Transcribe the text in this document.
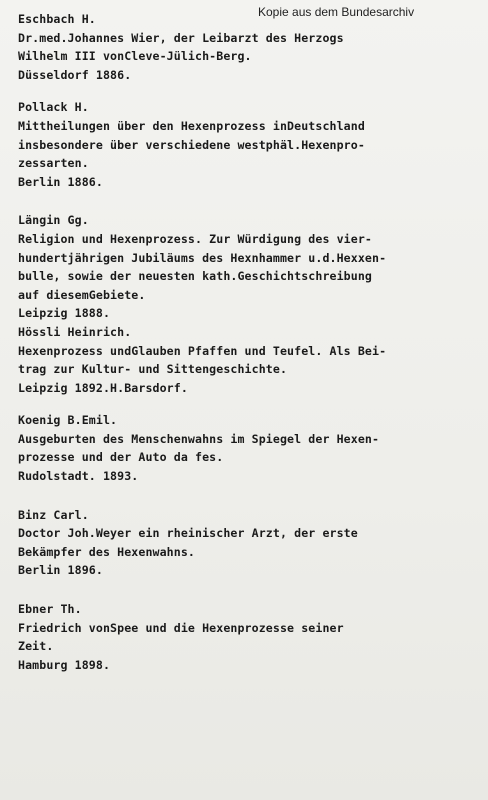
Kopie aus dem Bundesarchiv
Eschbach H.
Dr.med.Johannes Wier, der Leibarzt des Herzogs
Wilhelm III vonCleve-Jülich-Berg.
Düsseldorf 1886.
Pollack H.
Mittheilungen über den Hexenprozess inDeutschland
insbesondere über verschiedene westphäl.Hexenpro-
zessarten.
Berlin 1886.
Längin Gg.
Religion und Hexenprozess. Zur Würdigung des vier-
hundertjährigen Jubiläums des Hexnhammer u.d.Hexxen-
bulle, sowie der neuesten kath.Geschichtschreibung
auf diesemGebiete.
Leipzig 1888.
Hössli Heinrich.
Hexenprozess undGlauben Pfaffen und Teufel. Als Bei-
trag zur Kultur- und Sittengeschichte.
Leipzig 1892.H.Barsdorf.
Koenig B.Emil.
Ausgeburten des Menschenwahns im Spiegel der Hexen-
prozesse und der Auto da fes.
Rudolstadt. 1893.
Binz Carl.
Doctor Joh.Weyer ein rheinischer Arzt, der erste
Bekämpfer des Hexenwahns.
Berlin 1896.
Ebner Th.
Friedrich vonSpee und die Hexenprozesse seiner
Zeit.
Hamburg 1898.
